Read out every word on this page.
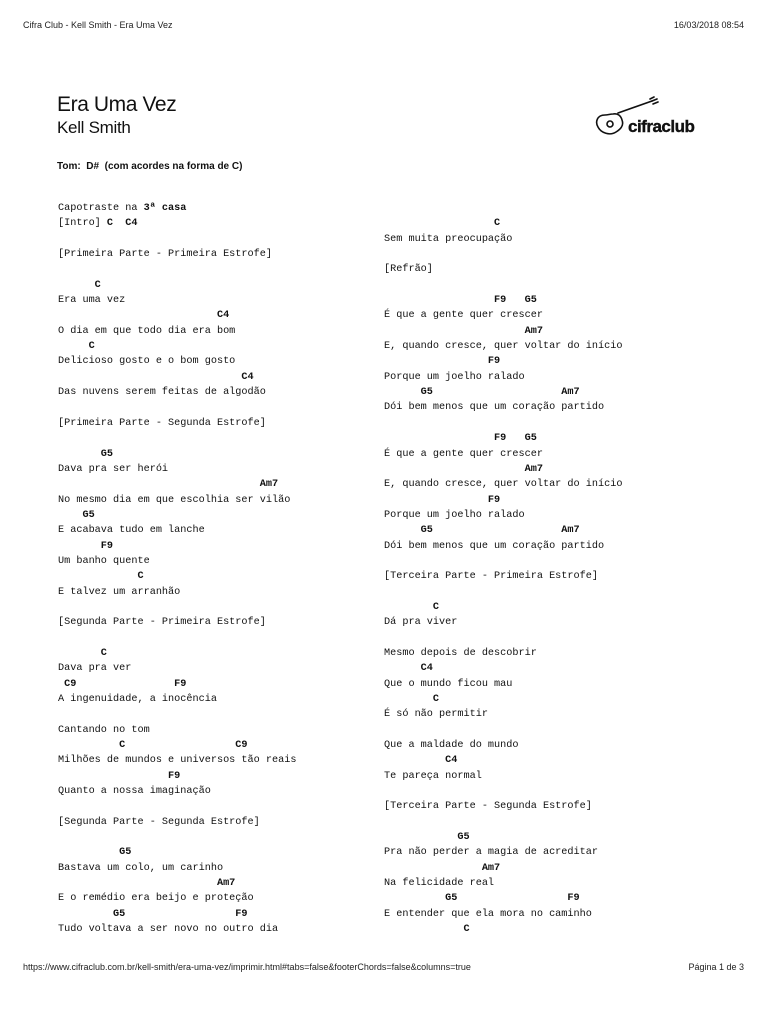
Cifra Club - Kell Smith - Era Uma Vez	16/03/2018 08:54
Era Uma Vez
Kell Smith
Tom: D# (com acordes na forma de C)
cifraclub
Capotraste na 3ª casa
[Intro] C  C4
[Primeira Parte - Primeira Estrofe]
C
Era uma vez
C4
O dia em que todo dia era bom
C
Delicioso gosto e o bom gosto
C4
Das nuvens serem feitas de algodão
[Primeira Parte - Segunda Estrofe]
G5
Dava pra ser herói
Am7
No mesmo dia em que escolhia ser vilão
G5
E acabava tudo em lanche
F9
Um banho quente
C
E talvez um arranhão
[Segunda Parte - Primeira Estrofe]
C
Dava pra ver
C9                F9
A ingenuidade, a inocência
Cantando no tom
C                  C9
Milhões de mundos e universos tão reais
F9
Quanto a nossa imaginação
[Segunda Parte - Segunda Estrofe]
G5
Bastava um colo, um carinho
Am7
E o remédio era beijo e proteção
G5                  F9
Tudo voltava a ser novo no outro dia
C
Sem muita preocupação
[Refrão]
F9   G5
É que a gente quer crescer
Am7
E, quando cresce, quer voltar do início
F9
Porque um joelho ralado
G5                     Am7
Dói bem menos que um coração partido
F9   G5
É que a gente quer crescer
Am7
E, quando cresce, quer voltar do início
F9
Porque um joelho ralado
G5                     Am7
Dói bem menos que um coração partido
[Terceira Parte - Primeira Estrofe]
C
Dá pra viver
Mesmo depois de descobrir
C4
Que o mundo ficou mau
C
É só não permitir
Que a maldade do mundo
C4
Te pareça normal
[Terceira Parte - Segunda Estrofe]
G5
Pra não perder a magia de acreditar
Am7
Na felicidade real
G5                  F9
E entender que ela mora no caminho
C
https://www.cifraclub.com.br/kell-smith/era-uma-vez/imprimir.html#tabs=false&footerChords=false&columns=true	Página 1 de 3
